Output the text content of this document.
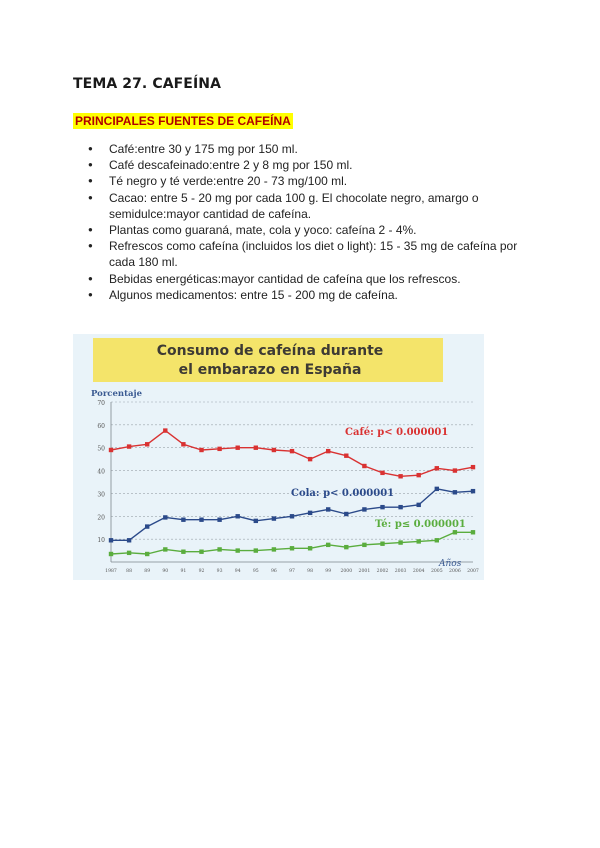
TEMA 27. CAFEÍNA
PRINCIPALES FUENTES DE CAFEÍNA
● Café:entre 30 y 175 mg por 150 ml.
● Café descafeinado:entre 2 y 8 mg por 150 ml.
● Té negro y té verde:entre 20 - 73 mg/100 ml.
● Cacao: entre 5 - 20 mg por cada 100 g. El chocolate negro, amargo o semidulce:mayor cantidad de cafeína.
● Plantas como guaraná, mate, cola y yoco: cafeína 2 - 4%.
● Refrescos como cafeína (incluidos los diet o light): 15 - 35 mg de cafeína por cada 180 ml.
● Bebidas energéticas:mayor cantidad de cafeína que los refrescos.
● Algunos medicamentos: entre 15 - 200 mg de cafeína.
Consumo de cafeína durante
el embarazo en España
Porcentaje
10
20
30
40
50
60
70
1987 88	89	90	91	92	93	94	95	96	97	98	99 2000 2001 2002 2003 2004 2005 2006 2007
Café: p< 0.000001
Cola: p< 0.000001
Té: p≤ 0.000001
Años
